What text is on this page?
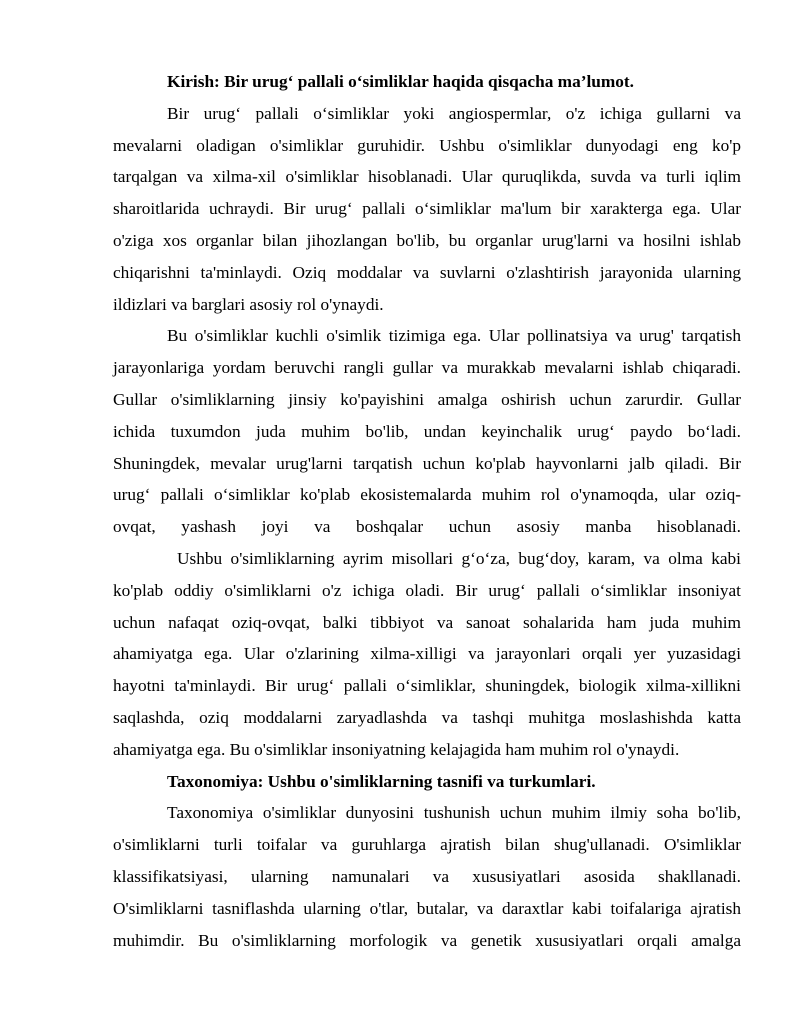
Kirish: Bir urug‘ pallali o‘simliklar haqida qisqacha ma’lumot.
Bir urug‘ pallali o‘simliklar yoki angiospermlar, o'z ichiga gullarni va
mevalarni oladigan o'simliklar guruhidir. Ushbu o'simliklar dunyodagi eng ko'p
tarqalgan va xilma-xil o'simliklar hisoblanadi. Ular quruqlikda, suvda va turli iqlim
sharoitlarida uchraydi. Bir urug‘ pallali o‘simliklar ma'lum bir xarakterga ega. Ular
o'ziga xos organlar bilan jihozlangan bo'lib, bu organlar urug'larni va hosilni ishlab
chiqarishni ta'minlaydi. Oziq moddalar va suvlarni o'zlashtirish jarayonida ularning
ildizlari va barglari asosiy rol o'ynaydi.
Bu o'simliklar kuchli o'simlik tizimiga ega. Ular pollinatsiya va urug' tarqatish
jarayonlariga yordam beruvchi rangli gullar va murakkab mevalarni ishlab chiqaradi.
Gullar o'simliklarning jinsiy ko'payishini amalga oshirish uchun zarurdir. Gullar
ichida tuxumdon juda muhim bo'lib, undan keyinchalik urug‘ paydo bo‘ladi.
Shuningdek, mevalar urug'larni tarqatish uchun ko'plab hayvonlarni jalb qiladi. Bir
urug‘ pallali o‘simliklar ko'plab ekosistemalarda muhim rol o'ynamoqda, ular oziq-
ovqat, yashash joyi va boshqalar uchun asosiy manba hisoblanadi.
Ushbu o'simliklarning ayrim misollari g‘o‘za, bug‘doy, karam, va olma kabi
ko'plab oddiy o'simliklarni o'z ichiga oladi. Bir urug‘ pallali o‘simliklar insoniyat
uchun nafaqat oziq-ovqat, balki tibbiyot va sanoat sohalarida ham juda muhim
ahamiyatga ega. Ular o'zlarining xilma-xilligi va jarayonlari orqali yer yuzasidagi
hayotni ta'minlaydi. Bir urug‘ pallali o‘simliklar, shuningdek, biologik xilma-xillikni
saqlashda, oziq moddalarni zaryadlashda va tashqi muhitga moslashishda katta
ahamiyatga ega. Bu o'simliklar insoniyatning kelajagida ham muhim rol o'ynaydi.
Taxonomiya: Ushbu o'simliklarning tasnifi va turkumlari.
Taxonomiya o'simliklar dunyosini tushunish uchun muhim ilmiy soha bo'lib,
o'simliklarni turli toifalar va guruhlarga ajratish bilan shug'ullanadi. O'simliklar
klassifikatsiyasi, ularning namunalari va xususiyatlari asosida shakllanadi.
O'simliklarni tasniflashda ularning o'tlar, butalar, va daraxtlar kabi toifalariga ajratish
muhimdir. Bu o'simliklarning morfologik va genetik xususiyatlari orqali amalga
